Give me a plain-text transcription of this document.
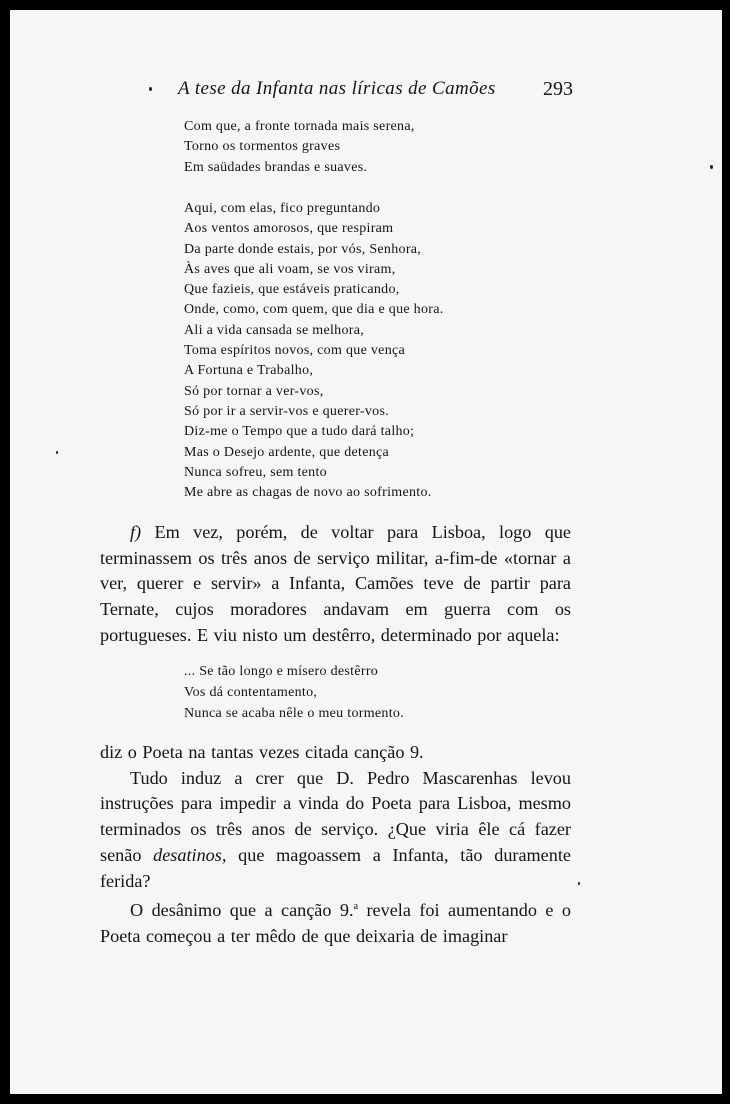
A tese da Infanta nas líricas de Camões 293
Com que, a fronte tornada mais serena,
Torno os tormentos graves
Em saüdades brandas e suaves.
Aqui, com elas, fico preguntando
Aos ventos amorosos, que respiram
Da parte donde estais, por vós, Senhora,
Às aves que ali voam, se vos viram,
Que fazieis, que estáveis praticando,
Onde, como, com quem, que dia e que hora.
Ali a vida cansada se melhora,
Toma espíritos novos, com que vença
A Fortuna e Trabalho,
Só por tornar a ver-vos,
Só por ir a servir-vos e querer-vos.
Diz-me o Tempo que a tudo dará talho;
Mas o Desejo ardente, que detença
Nunca sofreu, sem tento
Me abre as chagas de novo ao sofrimento.

f) Em vez, porém, de voltar para Lisboa, logo que terminassem os três anos de serviço militar, a-fim-de «tornar a ver, querer e servir» a Infanta, Camões teve de partir para Ternate, cujos moradores andavam em guerra com os portugueses. E viu nisto um destêrro, determinado por aquela:

... Se tão longo e mísero destêrro
Vos dá contentamento,
Nunca se acaba nêle o meu tormento.

diz o Poeta na tantas vezes citada canção 9.

Tudo induz a crer que D. Pedro Mascarenhas levou instruções para impedir a vinda do Poeta para Lisboa, mesmo terminados os três anos de serviço. ¿Que viria êle cá fazer senão desatinos, que magoassem a Infanta, tão duramente ferida?

O desânimo que a canção 9.$^a$ revela foi aumentando e o Poeta começou a ter mêdo de que deixaria de imaginar
